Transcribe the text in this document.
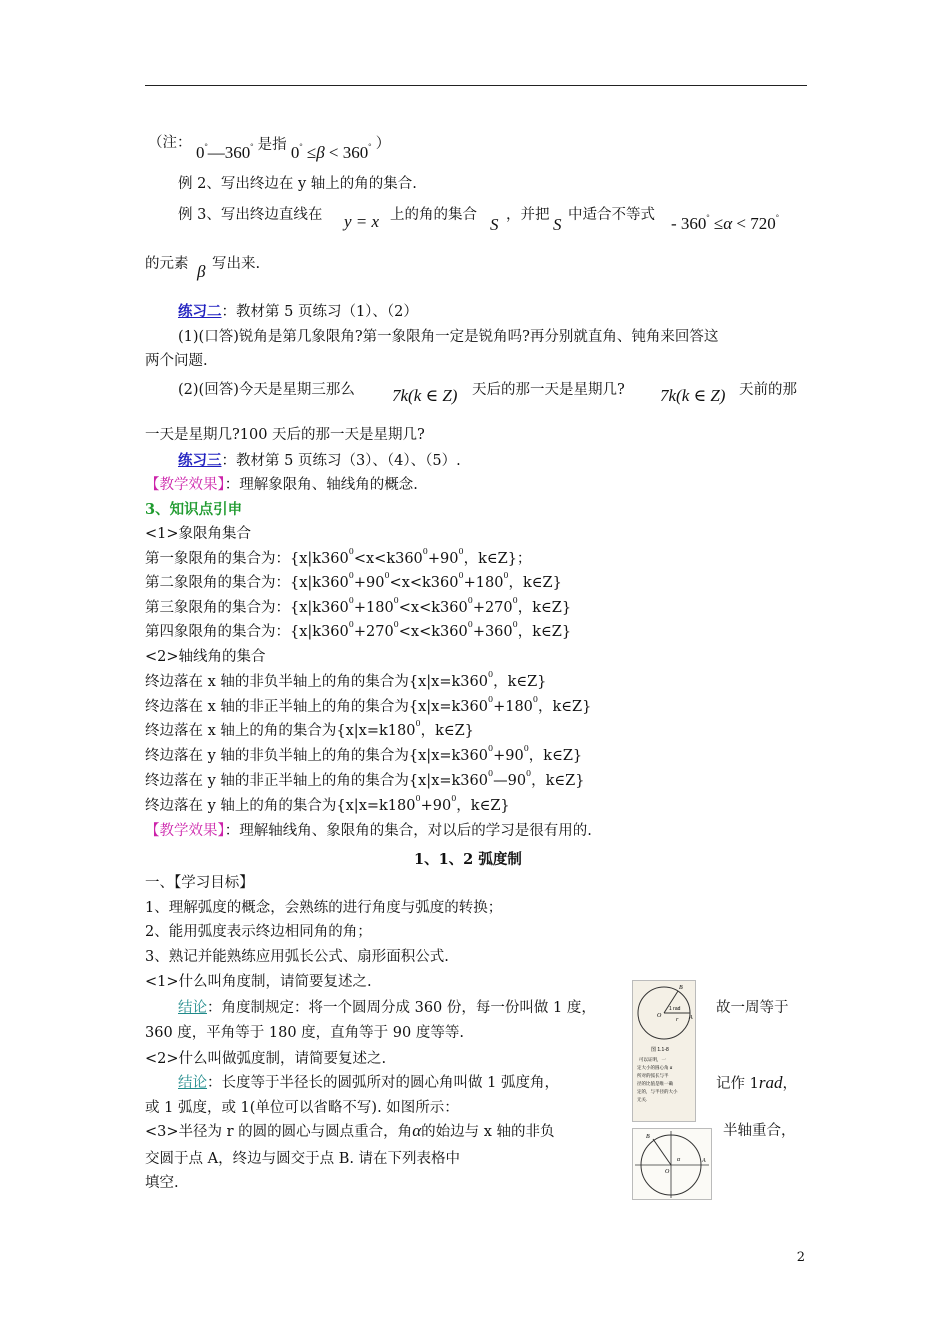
（注： 0°—360° 是指 0° ≤β < 360° ）
例 2、写出终边在 y 轴上的角的集合.
例 3、写出终边直线在 y = x 上的角的集合 S ，并把 S 中适合不等式 - 360° ≤α < 720°
的元素 β 写出来.
练习二：教材第 5 页练习（1）、（2）
(1)(口答)锐角是第几象限角?第一象限角一定是锐角吗?再分别就直角、钝角来回答这
两个问题.
(2)(回答)今天是星期三那么 7k(k ∈ Z) 天后的那一天是星期几? 7k(k ∈ Z) 天前的那
一天是星期几?100 天后的那一天是星期几?
练习三：教材第 5 页练习（3）、（4）、（5）.
【教学效果】：理解象限角、轴线角的概念.
3、知识点引申
<1>象限角集合
第一象限角的集合为：{$x|k360^0<x<k360^0+90^0$，k∈Z}；
第二象限角的集合为：{$x|k360^0+90^0<x<k360^0+180^0$，k∈Z}
第三象限角的集合为：{$x|k360^0+180^0<x<k360^0+270^0$，k∈Z}
第四象限角的集合为：{$x|k360^0+270^0<x<k360^0+360^0$，k∈Z}
<2>轴线角的集合
终边落在 x 轴的非负半轴上的角的集合为{$x|x=k360^0$，k∈Z}
终边落在 x 轴的非正半轴上的角的集合为{$x|x=k360^0+180^0$，k∈Z}
终边落在 x 轴上的角的集合为{$x|x=k180^0$，k∈Z}
终边落在 y 轴的非负半轴上的角的集合为{$x|x=k360^0+90^0$，k∈Z}
终边落在 y 轴的非正半轴上的角的集合为{$x|x=k360^0—90^0$，k∈Z}
终边落在 y 轴上的角的集合为{$x|x=k180^0+90^0$，k∈Z}
【教学效果】：理解轴线角、象限角的集合，对以后的学习是很有用的.
1、1、2 弧度制
一、【学习目标】
1、理解弧度的概念，会熟练的进行角度与弧度的转换；
2、能用弧度表示终边相同角的角；
3、熟记并能熟练应用弧长公式、扇形面积公式.
<1>什么叫角度制，请简要复述之.
结论：角度制规定：将一个圆周分成 360 份，每一份叫做 1 度，	故一周等于
360 度，平角等于 180 度，直角等于 90 度等等.
<2>什么叫做弧度制，请简要复述之.
结论：长度等于半径长的圆弧所对的圆心角叫做 1 弧度角，	记作 1rad，
或 1 弧度，或 1(单位可以省略不写). 如图所示：
<3>半径为 r 的圆的圆心与圆点重合，角α的始边与 x 轴的非负	半轴重合，
交圆于点 A，终边与圆交于点 B. 请在下列表格中
填空.
1 rad
O	A
B
r
图 1.1-8
可以证明，一
定大小的圆心角 α
所对的弧长与半
径的比值是唯一确
定的，与半径的大小
无关.
B
O
A
α
2
